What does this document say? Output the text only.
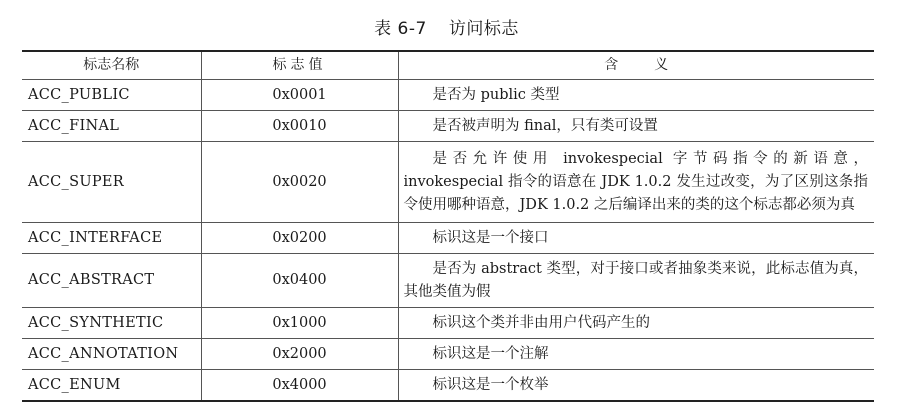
表 6-7 访问标志
标志名称	标志值	含义
ACC_PUBLIC	0x0001	是否为 public 类型
ACC_FINAL	0x0010	是否被声明为 final，只有类可设置
ACC_SUPER	0x0020	是否允许使用 invokespecial 字节码指令的新语意，invokespecial 指令的语意在 JDK 1.0.2 发生过改变，为了区别这条指令使用哪种语意，JDK 1.0.2 之后编译出来的类的这个标志都必须为真
ACC_INTERFACE	0x0200	标识这是一个接口
ACC_ABSTRACT	0x0400	是否为 abstract 类型，对于接口或者抽象类来说，此标志值为真，其他类值为假
ACC_SYNTHETIC	0x1000	标识这个类并非由用户代码产生的
ACC_ANNOTATION	0x2000	标识这是一个注解
ACC_ENUM	0x4000	标识这是一个枚举
